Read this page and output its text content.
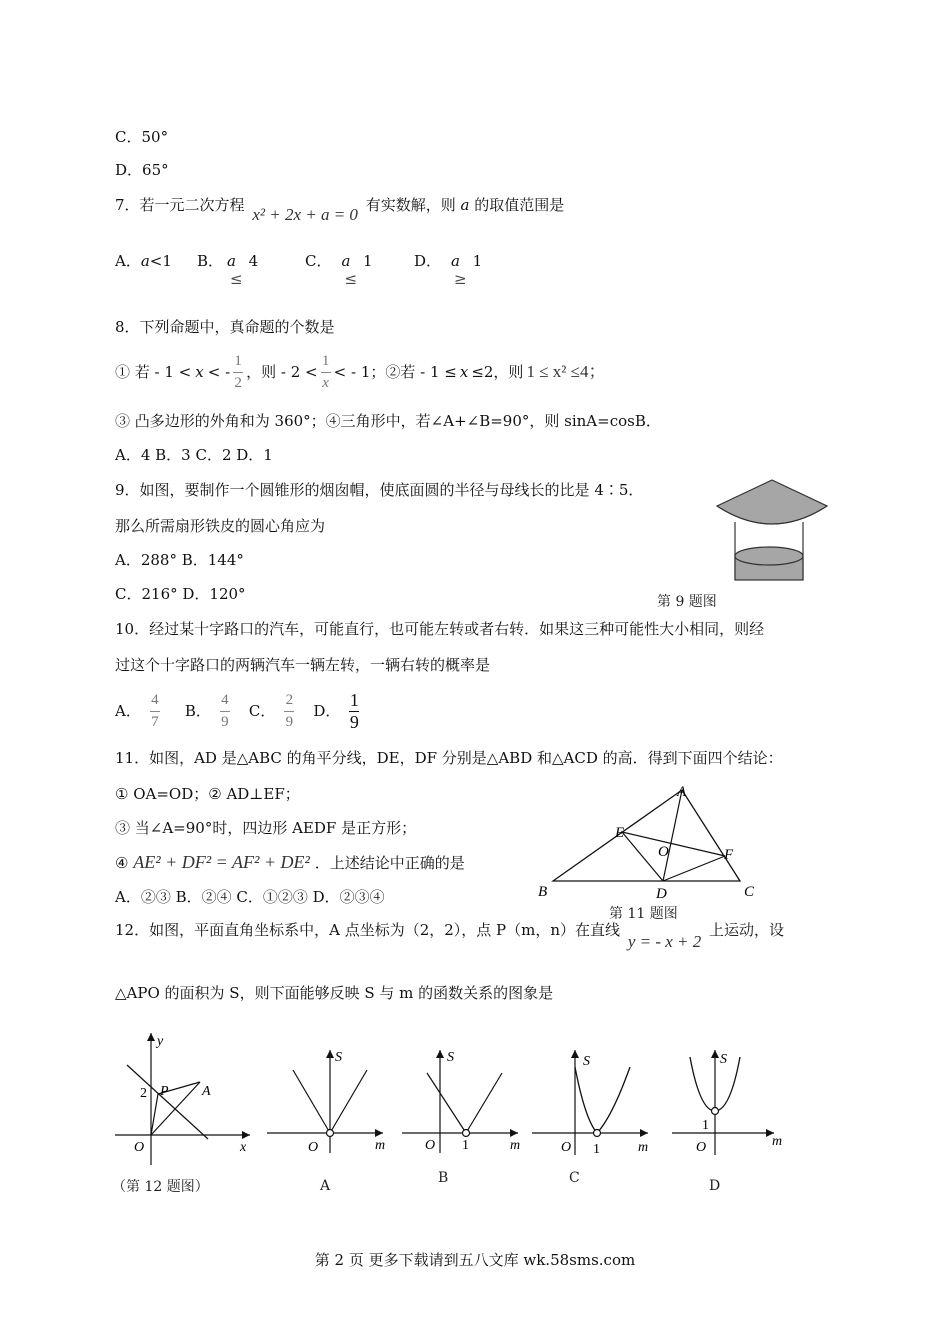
C．50°
D．65°
7．若一元二次方程 x² + 2x + a = 0 有实数解，则 a 的取值范围是
A．a<1 B． a≤4	C． a≤1	D． a≥1
8．下列命题中，真命题的个数是
① 若 - 1 < x < - $\frac{1}{2}$ ，则 - $2 < \frac{1}{x}$ < - 1；②若 - 1 ≤ x ≤2，则 1 ≤ x² ≤4；
③ 凸多边形的外角和为 360°；④三角形中，若∠A+∠B=90°，则 sinA=cosB．
A．4 B．3 C．2 D．1
9．如图，要制作一个圆锥形的烟囱帽，使底面圆的半径与母线长的比是 4∶5．
那么所需扇形铁皮的圆心角应为
A．288° B．144°
C．216° D．120°	第 9 题图
10．经过某十字路口的汽车，可能直行，也可能左转或者右转．如果这三种可能性大小相同，则经
过这个十字路口的两辆汽车一辆左转，一辆右转的概率是
A． $\frac{4}{7}$ B． $\frac{4}{9}$ C． $\frac{2}{9}$ D． $\frac{1}{9}$
11．如图，AD 是△ABC 的角平分线，DE，DF 分别是△ABD 和△ACD 的高．得到下面四个结论：
① OA=OD；② AD⊥EF；
③ 当∠A=90°时，四边形 AEDF 是正方形；
④ AE² + DF² = AF² + DE² ．上述结论中正确的是
A．②③ B．②④ C．①②③ D．②③④
A
B	C
D
E
F
O
第 11 题图
12．如图，平面直角坐标系中，A 点坐标为（2，2），点 P（m，n）在直线 y = - x + 2 上运动，设
△APO 的面积为 S，则下面能够反映 S 与 m 的函数关系的图象是
y
x
O
2 P A
（第 12 题图）
S
m
O
A
S
m
O 1
B
S
m
O 1
C
S
m
O
1
D
第 2 页 更多下载请到五八文库 wk.58sms.com
